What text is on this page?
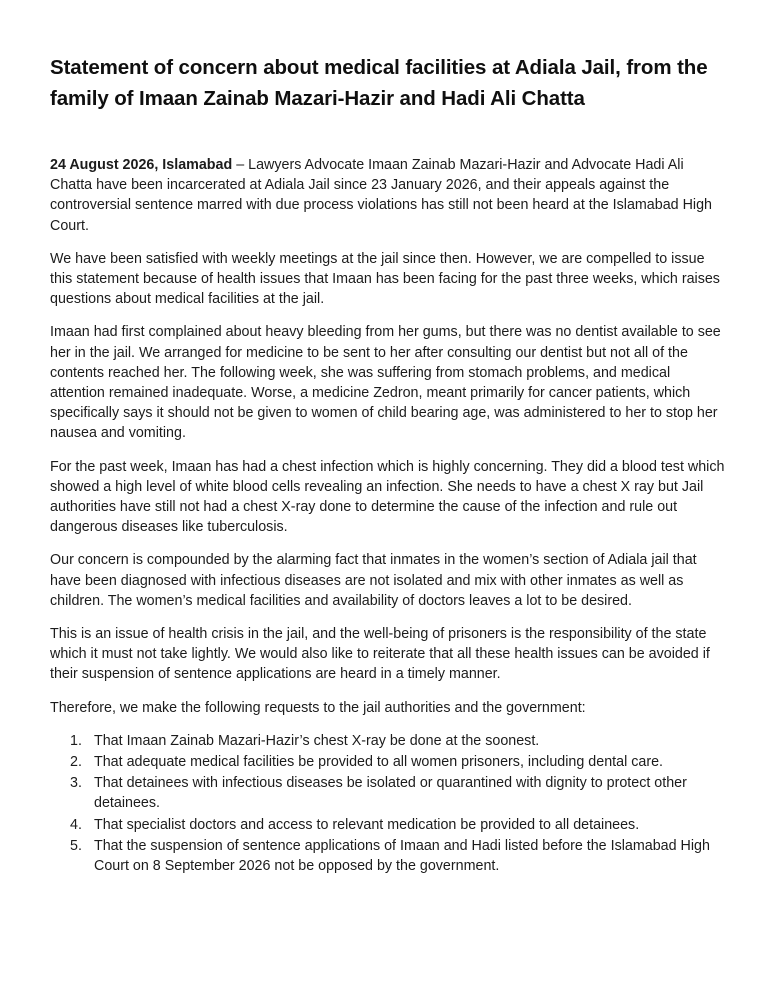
Statement of concern about medical facilities at Adiala Jail, from the family of Imaan Zainab Mazari-Hazir and Hadi Ali Chatta

24 August 2026, Islamabad – Lawyers Advocate Imaan Zainab Mazari-Hazir and Advocate Hadi Ali Chatta have been incarcerated at Adiala Jail since 23 January 2026, and their appeals against the controversial sentence marred with due process violations has still not been heard at the Islamabad High Court.

We have been satisfied with weekly meetings at the jail since then. However, we are compelled to issue this statement because of health issues that Imaan has been facing for the past three weeks, which raises questions about medical facilities at the jail.

Imaan had first complained about heavy bleeding from her gums, but there was no dentist available to see her in the jail. We arranged for medicine to be sent to her after consulting our dentist but not all of the contents reached her. The following week, she was suffering from stomach problems, and medical attention remained inadequate. Worse, a medicine Zedron, meant primarily for cancer patients, which specifically says it should not be given to women of child bearing age, was administered to her to stop her nausea and vomiting.

For the past week, Imaan has had a chest infection which is highly concerning. They did a blood test which showed a high level of white blood cells revealing an infection. She needs to have a chest X ray but Jail authorities have still not had a chest X-ray done to determine the cause of the infection and rule out dangerous diseases like tuberculosis.

Our concern is compounded by the alarming fact that inmates in the women’s section of Adiala jail that have been diagnosed with infectious diseases are not isolated and mix with other inmates as well as children. The women’s medical facilities and availability of doctors leaves a lot to be desired.

This is an issue of health crisis in the jail, and the well-being of prisoners is the responsibility of the state which it must not take lightly. We would also like to reiterate that all these health issues can be avoided if their suspension of sentence applications are heard in a timely manner.

Therefore, we make the following requests to the jail authorities and the government:

1. That Imaan Zainab Mazari-Hazir’s chest X-ray be done at the soonest.
2. That adequate medical facilities be provided to all women prisoners, including dental care.
3. That detainees with infectious diseases be isolated or quarantined with dignity to protect other detainees.
4. That specialist doctors and access to relevant medication be provided to all detainees.
5. That the suspension of sentence applications of Imaan and Hadi listed before the Islamabad High Court on 8 September 2026 not be opposed by the government.
